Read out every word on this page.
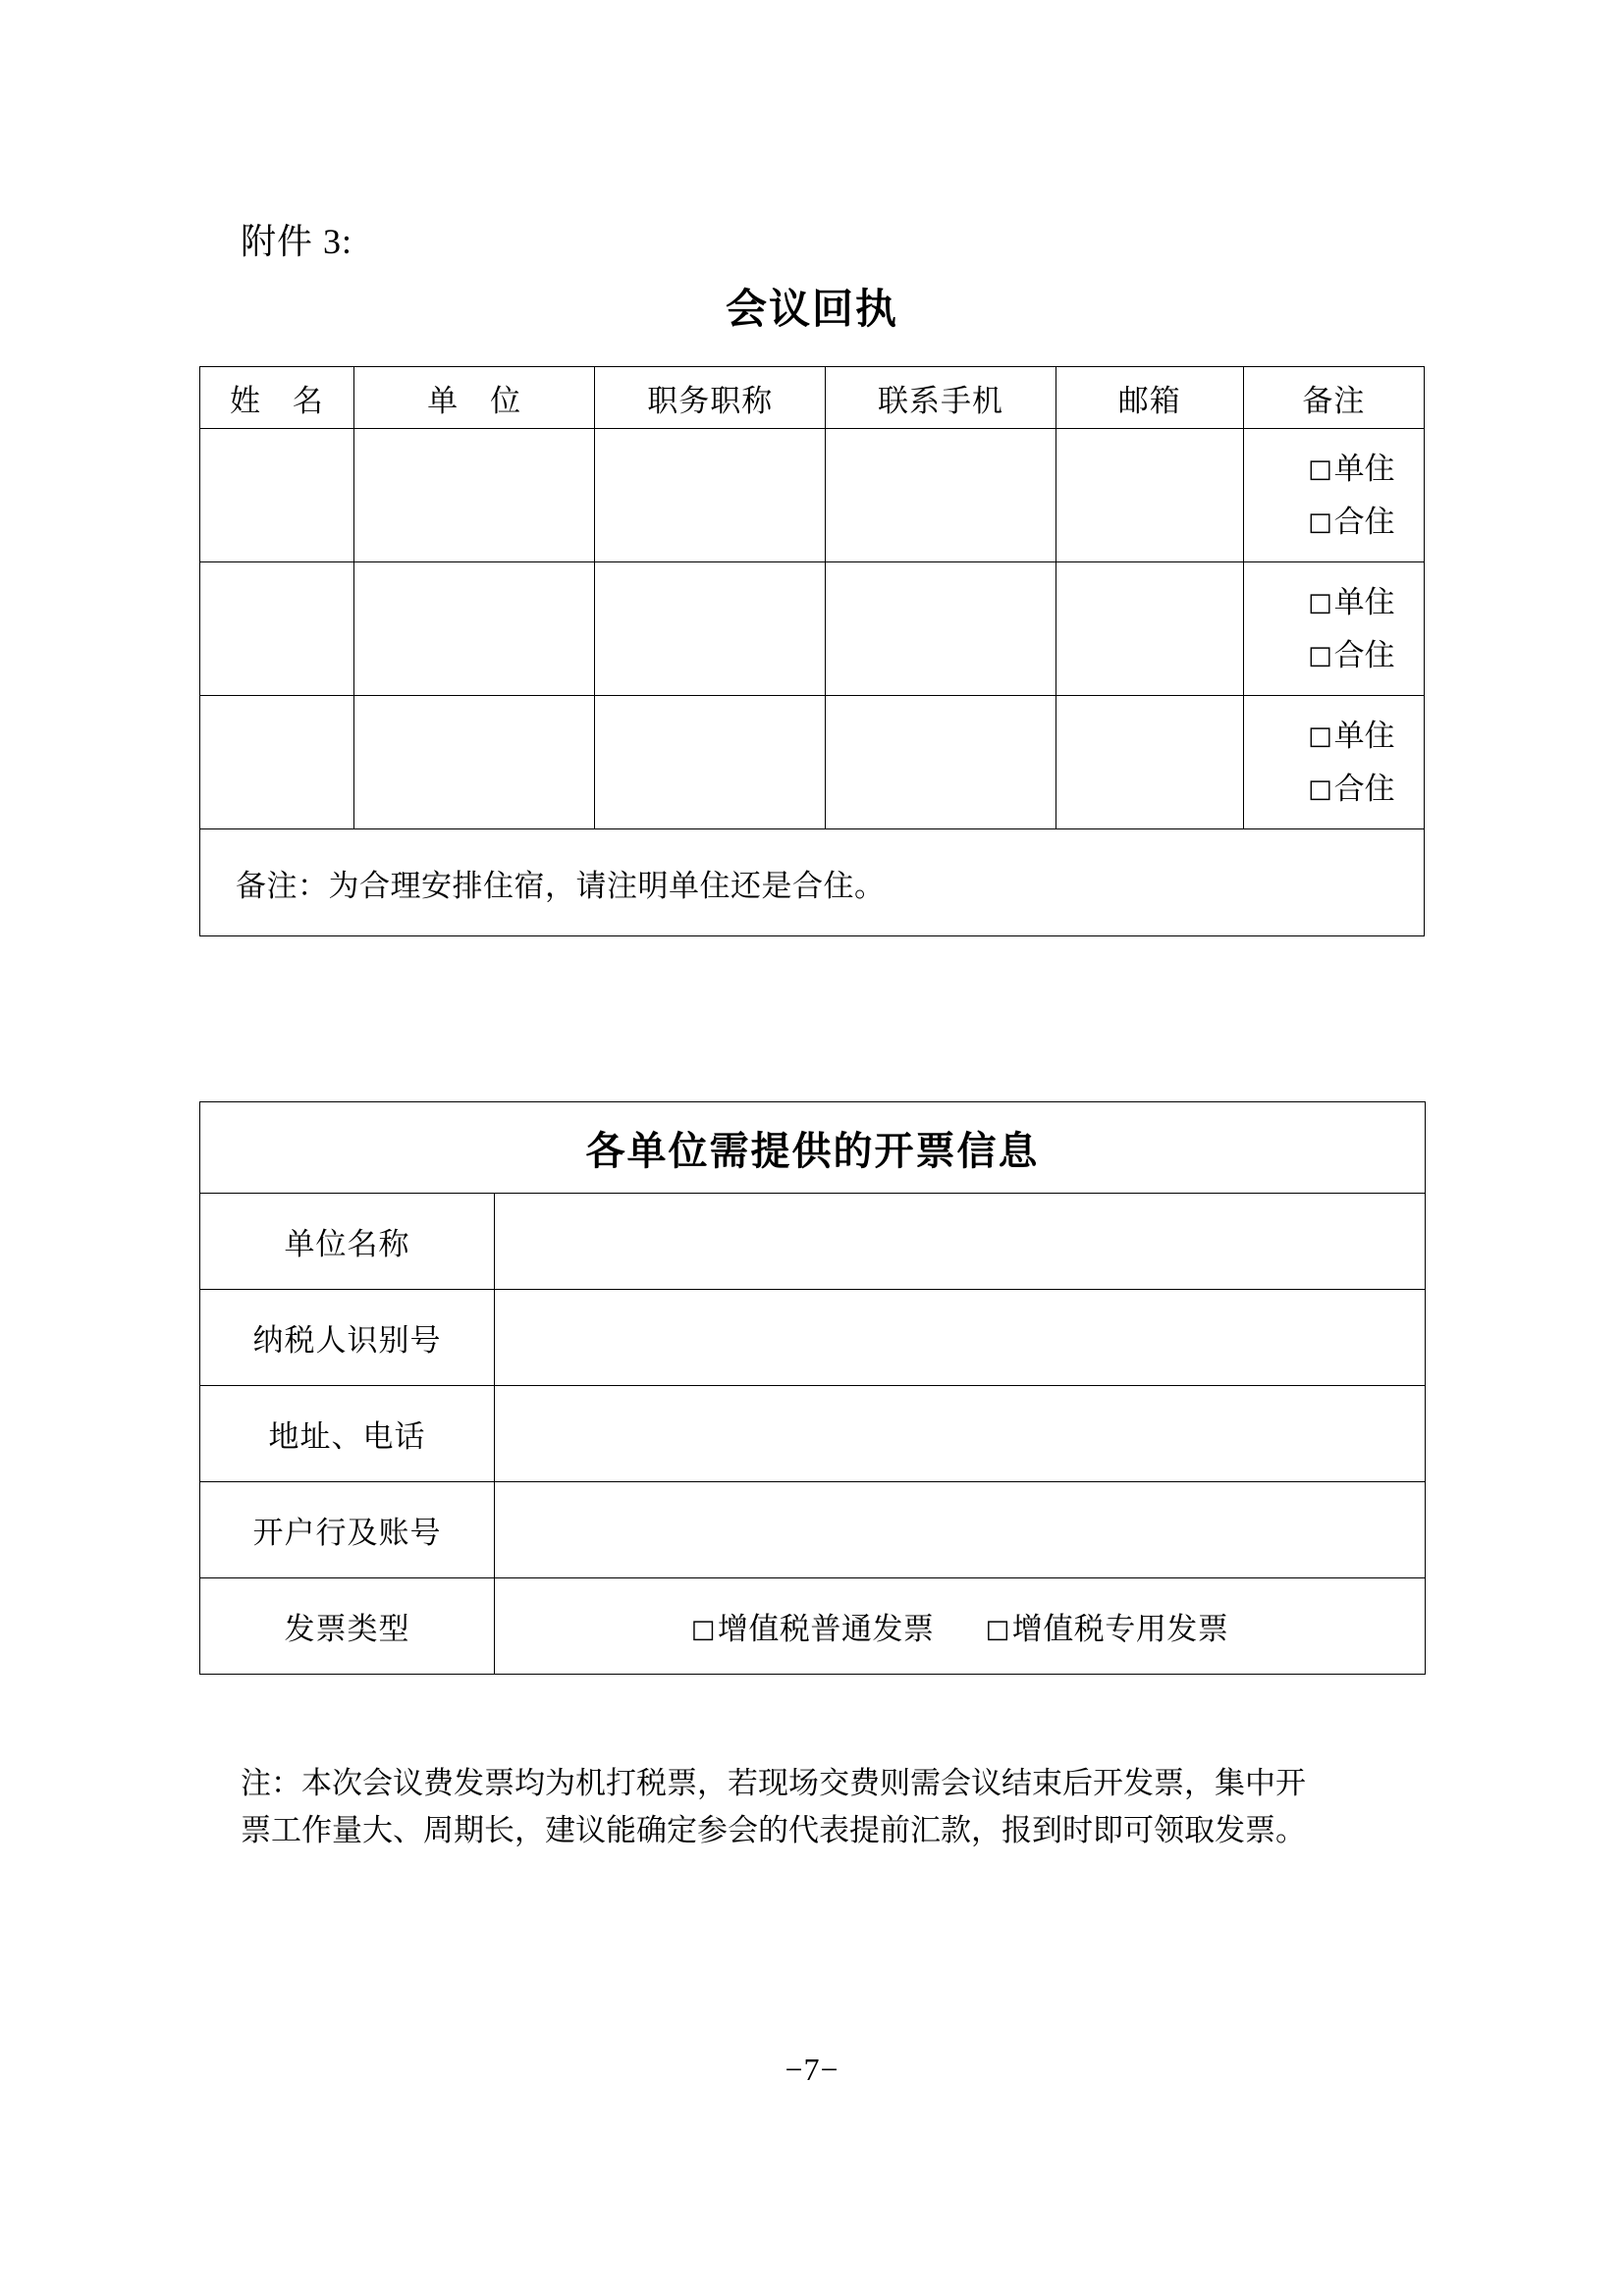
附件 3:
会议回执
姓　名	单　位	职务职称	联系手机	邮箱	备注
					□单住
□合住
					□单住
□合住
					□单住
□合住
备注：为合理安排住宿，请注明单住还是合住。					
各单位需提供的开票信息	
单位名称	
纳税人识别号	
地址、电话	
开户行及账号	
发票类型	□增值税普通发票 □增值税专用发票
注：本次会议费发票均为机打税票，若现场交费则需会议结束后开发票，集中开
票工作量大、周期长，建议能确定参会的代表提前汇款，报到时即可领取发票。
−7−
